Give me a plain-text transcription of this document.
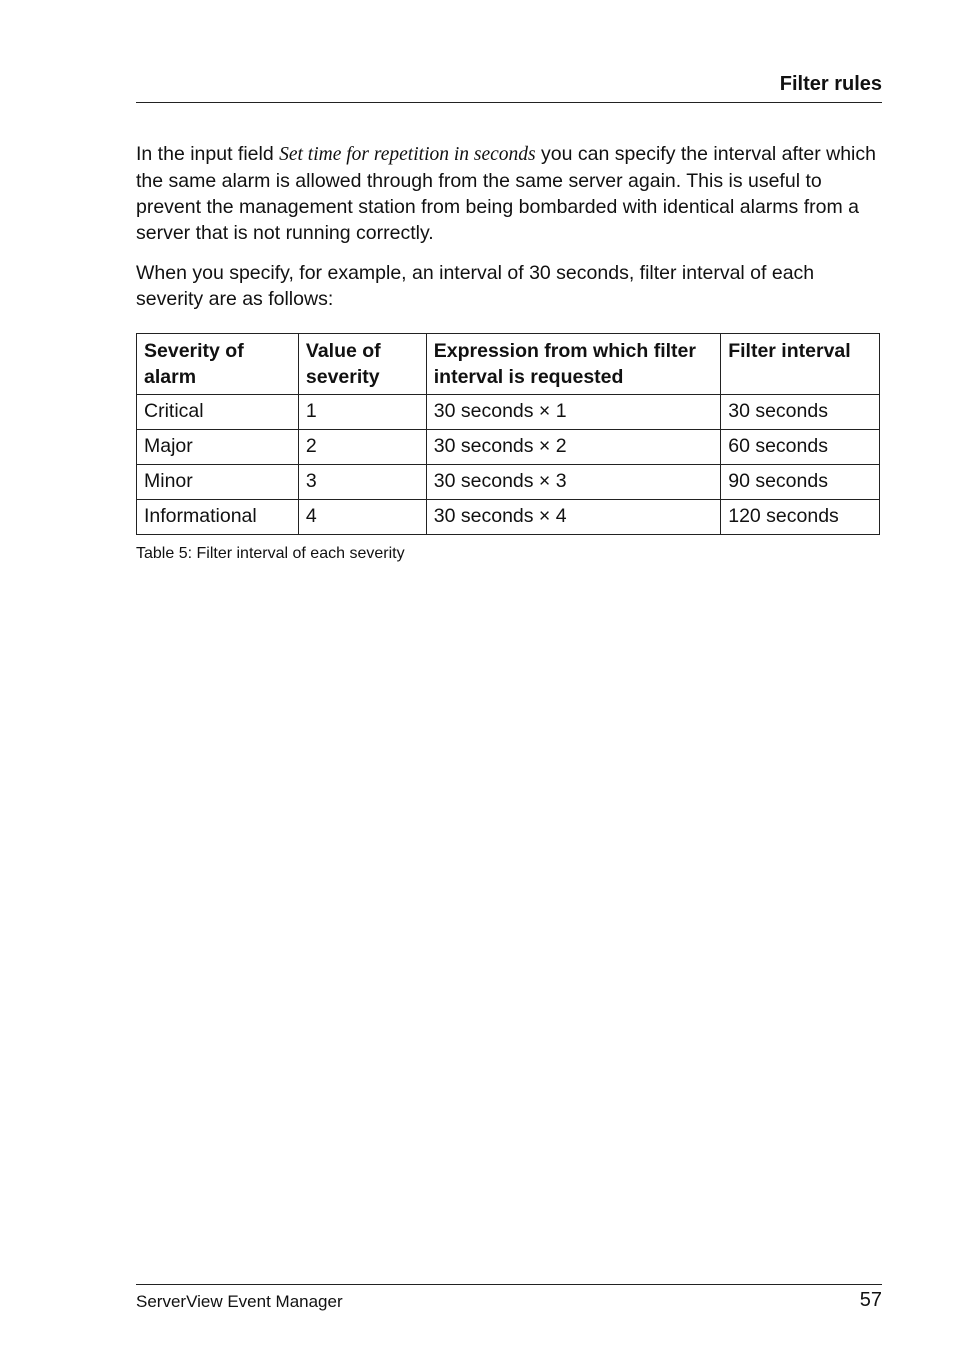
Filter rules

In the input field Set time for repetition in seconds you can specify the interval after which the same alarm is allowed through from the same server again. This is useful to prevent the management station from being bombarded with identical alarms from a server that is not running correctly.

When you specify, for example, an interval of 30 seconds, filter interval of each severity are as follows:

Severity of alarm	Value of severity	Expression from which filter interval is requested	Filter interval
Critical	1	30 seconds × 1	30 seconds
Major	2	30 seconds × 2	60 seconds
Minor	3	30 seconds × 3	90 seconds
Informational	4	30 seconds × 4	120 seconds
Table 5: Filter interval of each severity
ServerView Event Manager	57
